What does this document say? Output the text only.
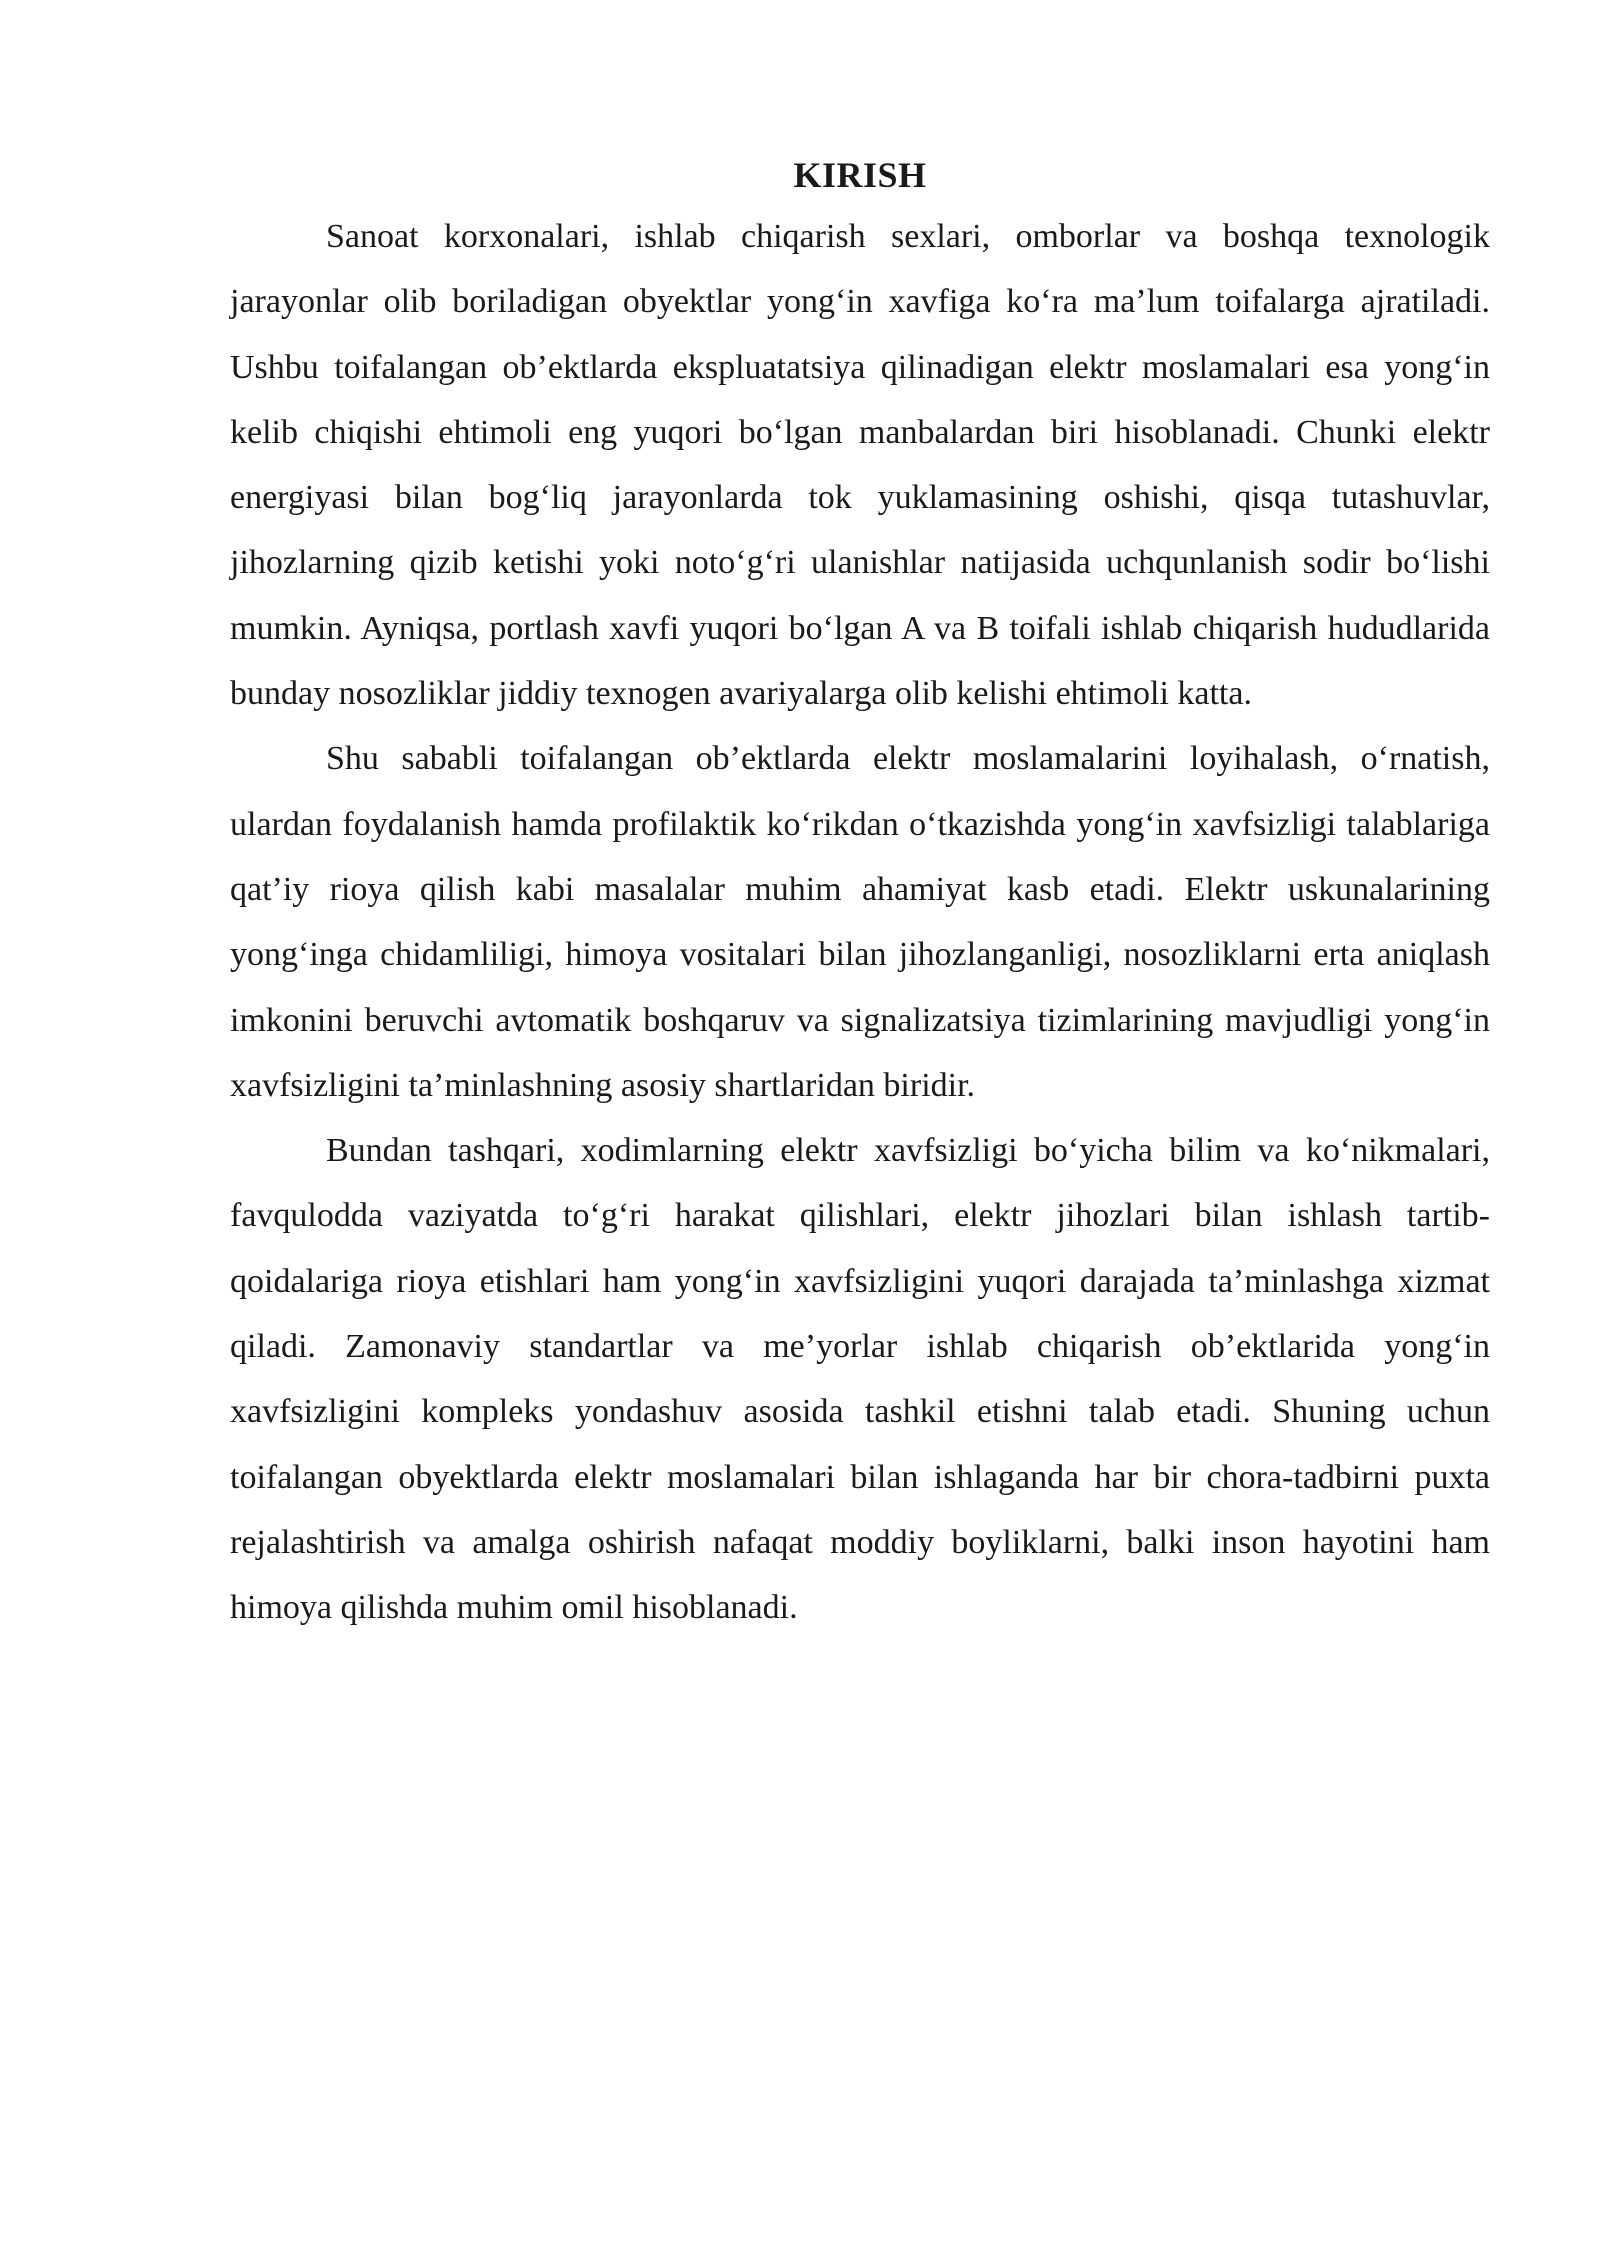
KIRISH

Sanoat korxonalari, ishlab chiqarish sexlari, omborlar va boshqa texnologik jarayonlar olib boriladigan obyektlar yong‘in xavfiga ko‘ra ma’lum toifalarga ajratiladi. Ushbu toifalangan ob’ektlarda ekspluatatsiya qilinadigan elektr moslamalari esa yong‘in kelib chiqishi ehtimoli eng yuqori bo‘lgan manbalardan biri hisoblanadi. Chunki elektr energiyasi bilan bog‘liq jarayonlarda tok yuklamasining oshishi, qisqa tutashuvlar, jihozlarning qizib ketishi yoki noto‘g‘ri ulanishlar natijasida uchqunlanish sodir bo‘lishi mumkin. Ayniqsa, portlash xavfi yuqori bo‘lgan A va B toifali ishlab chiqarish hududlarida bunday nosozliklar jiddiy texnogen avariyalarga olib kelishi ehtimoli katta.

Shu sababli toifalangan ob’ektlarda elektr moslamalarini loyihalash, o‘rnatish, ulardan foydalanish hamda profilaktik ko‘rikdan o‘tkazishda yong‘in xavfsizligi talablariga qat’iy rioya qilish kabi masalalar muhim ahamiyat kasb etadi. Elektr uskunalarining yong‘inga chidamliligi, himoya vositalari bilan jihozlanganligi, nosozliklarni erta aniqlash imkonini beruvchi avtomatik boshqaruv va signalizatsiya tizimlarining mavjudligi yong‘in xavfsizligini ta’minlashning asosiy shartlaridan biridir.

Bundan tashqari, xodimlarning elektr xavfsizligi bo‘yicha bilim va ko‘nikmalari, favqulodda vaziyatda to‘g‘ri harakat qilishlari, elektr jihozlari bilan ishlash tartib-qoidalariga rioya etishlari ham yong‘in xavfsizligini yuqori darajada ta’minlashga xizmat qiladi. Zamonaviy standartlar va me’yorlar ishlab chiqarish ob’ektlarida yong‘in xavfsizligini kompleks yondashuv asosida tashkil etishni talab etadi. Shuning uchun toifalangan obyektlarda elektr moslamalari bilan ishlaganda har bir chora-tadbirni puxta rejalashtirish va amalga oshirish nafaqat moddiy boyliklarni, balki inson hayotini ham himoya qilishda muhim omil hisoblanadi.
